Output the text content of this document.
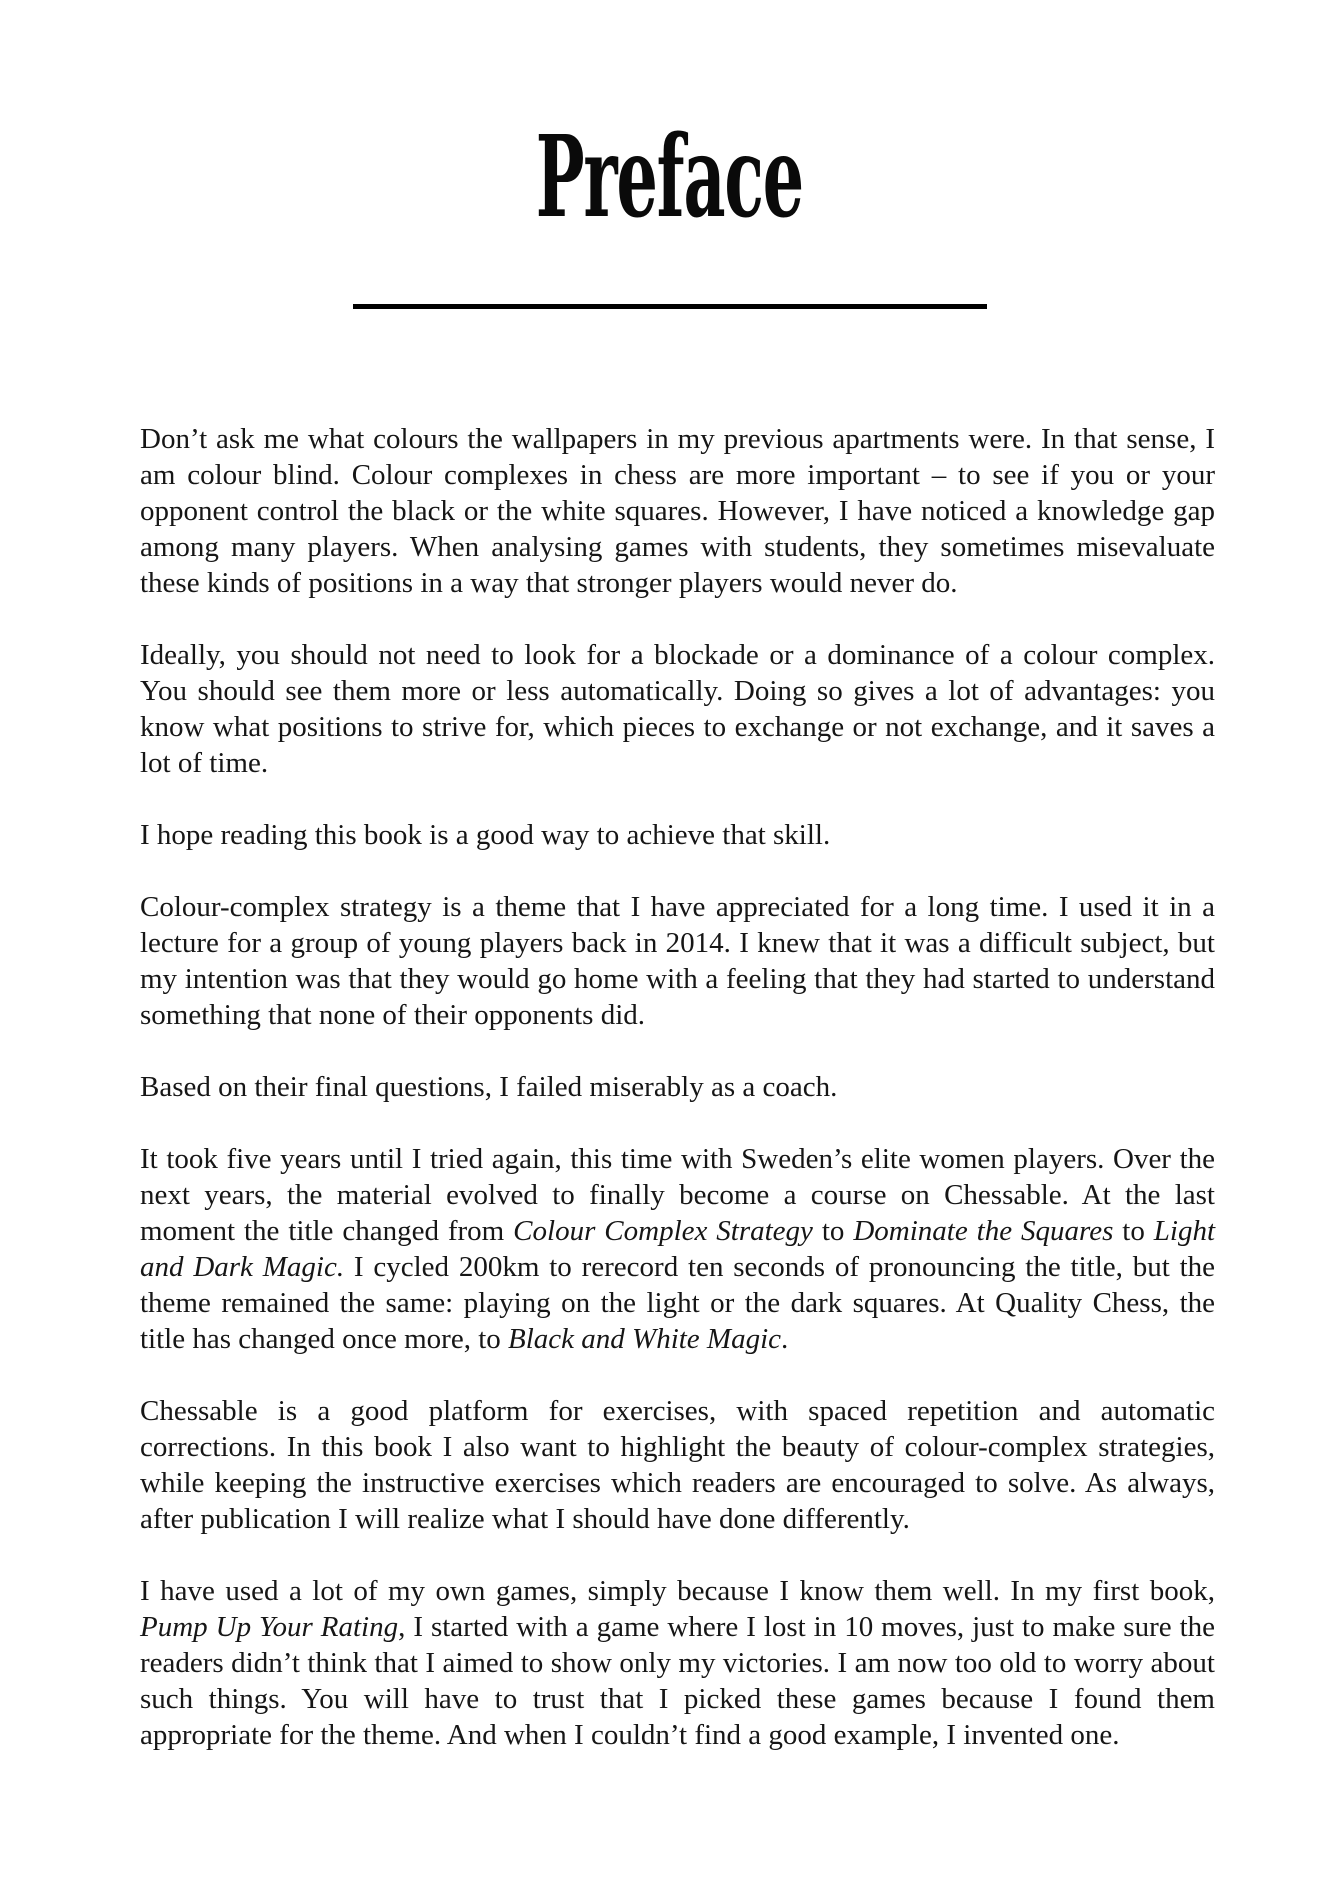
Preface

Don’t ask me what colours the wallpapers in my previous apartments were. In that sense, I am colour blind. Colour complexes in chess are more important – to see if you or your opponent control the black or the white squares. However, I have noticed a knowledge gap among many players. When analysing games with students, they sometimes misevaluate these kinds of positions in a way that stronger players would never do.

Ideally, you should not need to look for a blockade or a dominance of a colour complex. You should see them more or less automatically. Doing so gives a lot of advantages: you know what positions to strive for, which pieces to exchange or not exchange, and it saves a lot of time.

I hope reading this book is a good way to achieve that skill.

Colour-complex strategy is a theme that I have appreciated for a long time. I used it in a lecture for a group of young players back in 2014. I knew that it was a difficult subject, but my intention was that they would go home with a feeling that they had started to understand something that none of their opponents did.

Based on their final questions, I failed miserably as a coach.

It took five years until I tried again, this time with Sweden’s elite women players. Over the next years, the material evolved to finally become a course on Chessable. At the last moment the title changed from Colour Complex Strategy to Dominate the Squares to Light and Dark Magic. I cycled 200km to rerecord ten seconds of pronouncing the title, but the theme remained the same: playing on the light or the dark squares. At Quality Chess, the title has changed once more, to Black and White Magic.

Chessable is a good platform for exercises, with spaced repetition and automatic corrections. In this book I also want to highlight the beauty of colour-complex strategies, while keeping the instructive exercises which readers are encouraged to solve. As always, after publication I will realize what I should have done differently.

I have used a lot of my own games, simply because I know them well. In my first book, Pump Up Your Rating, I started with a game where I lost in 10 moves, just to make sure the readers didn’t think that I aimed to show only my victories. I am now too old to worry about such things. You will have to trust that I picked these games because I found them appropriate for the theme. And when I couldn’t find a good example, I invented one.
